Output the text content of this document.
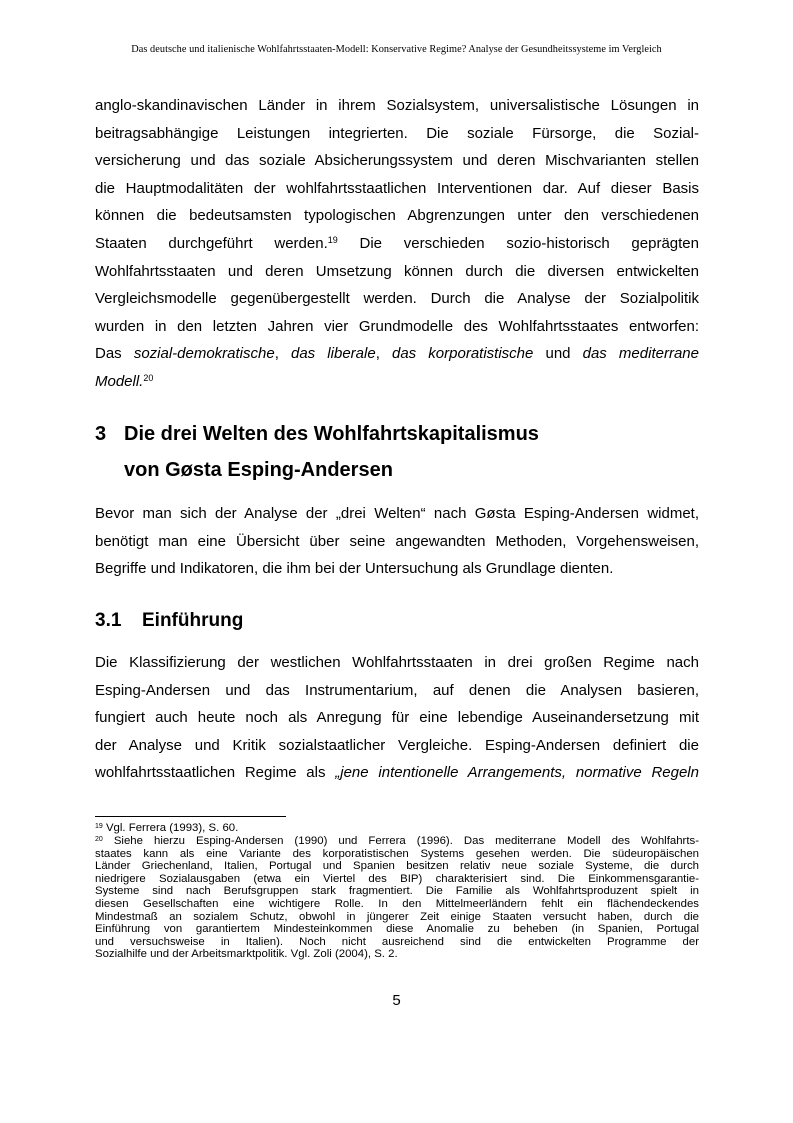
Das deutsche und italienische Wohlfahrtsstaaten-Modell: Konservative Regime? Analyse der Gesundheitssysteme im Vergleich
anglo-skandinavischen Länder in ihrem Sozialsystem, universalistische Lösungen in
beitragsabhängige Leistungen integrierten. Die soziale Fürsorge, die Sozial-
versicherung und das soziale Absicherungssystem und deren Mischvarianten stellen
die Hauptmodalitäten der wohlfahrtsstaatlichen Interventionen dar. Auf dieser Basis
können die bedeutsamsten typologischen Abgrenzungen unter den verschiedenen
Staaten durchgeführt werden.$^{19}$ Die verschieden sozio-historisch geprägten
Wohlfahrtsstaaten und deren Umsetzung können durch die diversen entwickelten
Vergleichsmodelle gegenübergestellt werden. Durch die Analyse der Sozialpolitik
wurden in den letzten Jahren vier Grundmodelle des Wohlfahrtsstaates entworfen:
Das sozial-demokratische, das liberale, das korporatistische und das mediterrane
Modell.$^{20}$
3 Die drei Welten des Wohlfahrtskapitalismus
von Gøsta Esping-Andersen
Bevor man sich der Analyse der „drei Welten“ nach Gøsta Esping-Andersen widmet,
benötigt man eine Übersicht über seine angewandten Methoden, Vorgehensweisen,
Begriffe und Indikatoren, die ihm bei der Untersuchung als Grundlage dienten.
3.1 Einführung
Die Klassifizierung der westlichen Wohlfahrtsstaaten in drei großen Regime nach
Esping-Andersen und das Instrumentarium, auf denen die Analysen basieren,
fungiert auch heute noch als Anregung für eine lebendige Auseinandersetzung mit
der Analyse und Kritik sozialstaatlicher Vergleiche. Esping-Andersen definiert die
wohlfahrtsstaatlichen Regime als „jene intentionelle Arrangements, normative Regeln
$^{19}$ Vgl. Ferrera (1993), S. 60.
$^{20}$ Siehe hierzu Esping-Andersen (1990) und Ferrera (1996). Das mediterrane Modell des Wohlfahrts-
staates kann als eine Variante des korporatistischen Systems gesehen werden. Die südeuropäischen
Länder Griechenland, Italien, Portugal und Spanien besitzen relativ neue soziale Systeme, die durch
niedrigere Sozialausgaben (etwa ein Viertel des BIP) charakterisiert sind. Die Einkommensgarantie-
Systeme sind nach Berufsgruppen stark fragmentiert. Die Familie als Wohlfahrtsproduzent spielt in
diesen Gesellschaften eine wichtigere Rolle. In den Mittelmeerländern fehlt ein flächendeckendes
Mindestmaß an sozialem Schutz, obwohl in jüngerer Zeit einige Staaten versucht haben, durch die
Einführung von garantiertem Mindesteinkommen diese Anomalie zu beheben (in Spanien, Portugal
und versuchsweise in Italien). Noch nicht ausreichend sind die entwickelten Programme der
Sozialhilfe und der Arbeitsmarktpolitik. Vgl. Zoli (2004), S. 2.
5
